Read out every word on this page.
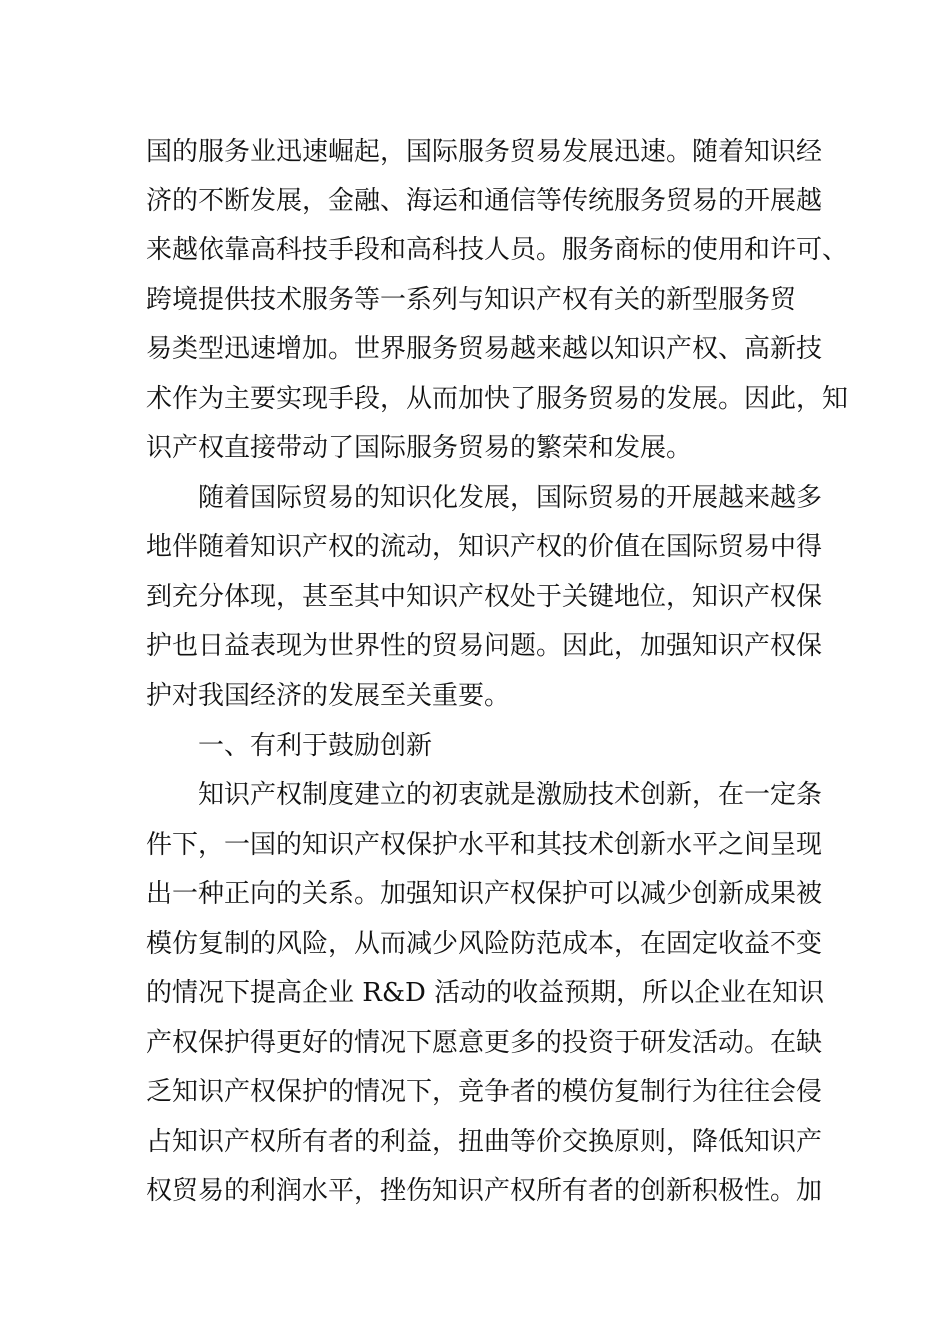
国的服务业迅速崛起，国际服务贸易发展迅速。随着知识经
济的不断发展，金融、海运和通信等传统服务贸易的开展越
来越依靠高科技手段和高科技人员。服务商标的使用和许可、
跨境提供技术服务等一系列与知识产权有关的新型服务贸
易类型迅速增加。世界服务贸易越来越以知识产权、高新技
术作为主要实现手段，从而加快了服务贸易的发展。因此，知
识产权直接带动了国际服务贸易的繁荣和发展。
随着国际贸易的知识化发展，国际贸易的开展越来越多
地伴随着知识产权的流动，知识产权的价值在国际贸易中得
到充分体现，甚至其中知识产权处于关键地位，知识产权保
护也日益表现为世界性的贸易问题。因此，加强知识产权保
护对我国经济的发展至关重要。
一、有利于鼓励创新
知识产权制度建立的初衷就是激励技术创新，在一定条
件下，一国的知识产权保护水平和其技术创新水平之间呈现
出一种正向的关系。加强知识产权保护可以减少创新成果被
模仿复制的风险，从而减少风险防范成本，在固定收益不变
的情况下提高企业 R&D 活动的收益预期，所以企业在知识
产权保护得更好的情况下愿意更多的投资于研发活动。在缺
乏知识产权保护的情况下，竞争者的模仿复制行为往往会侵
占知识产权所有者的利益，扭曲等价交换原则，降低知识产
权贸易的利润水平，挫伤知识产权所有者的创新积极性。加
